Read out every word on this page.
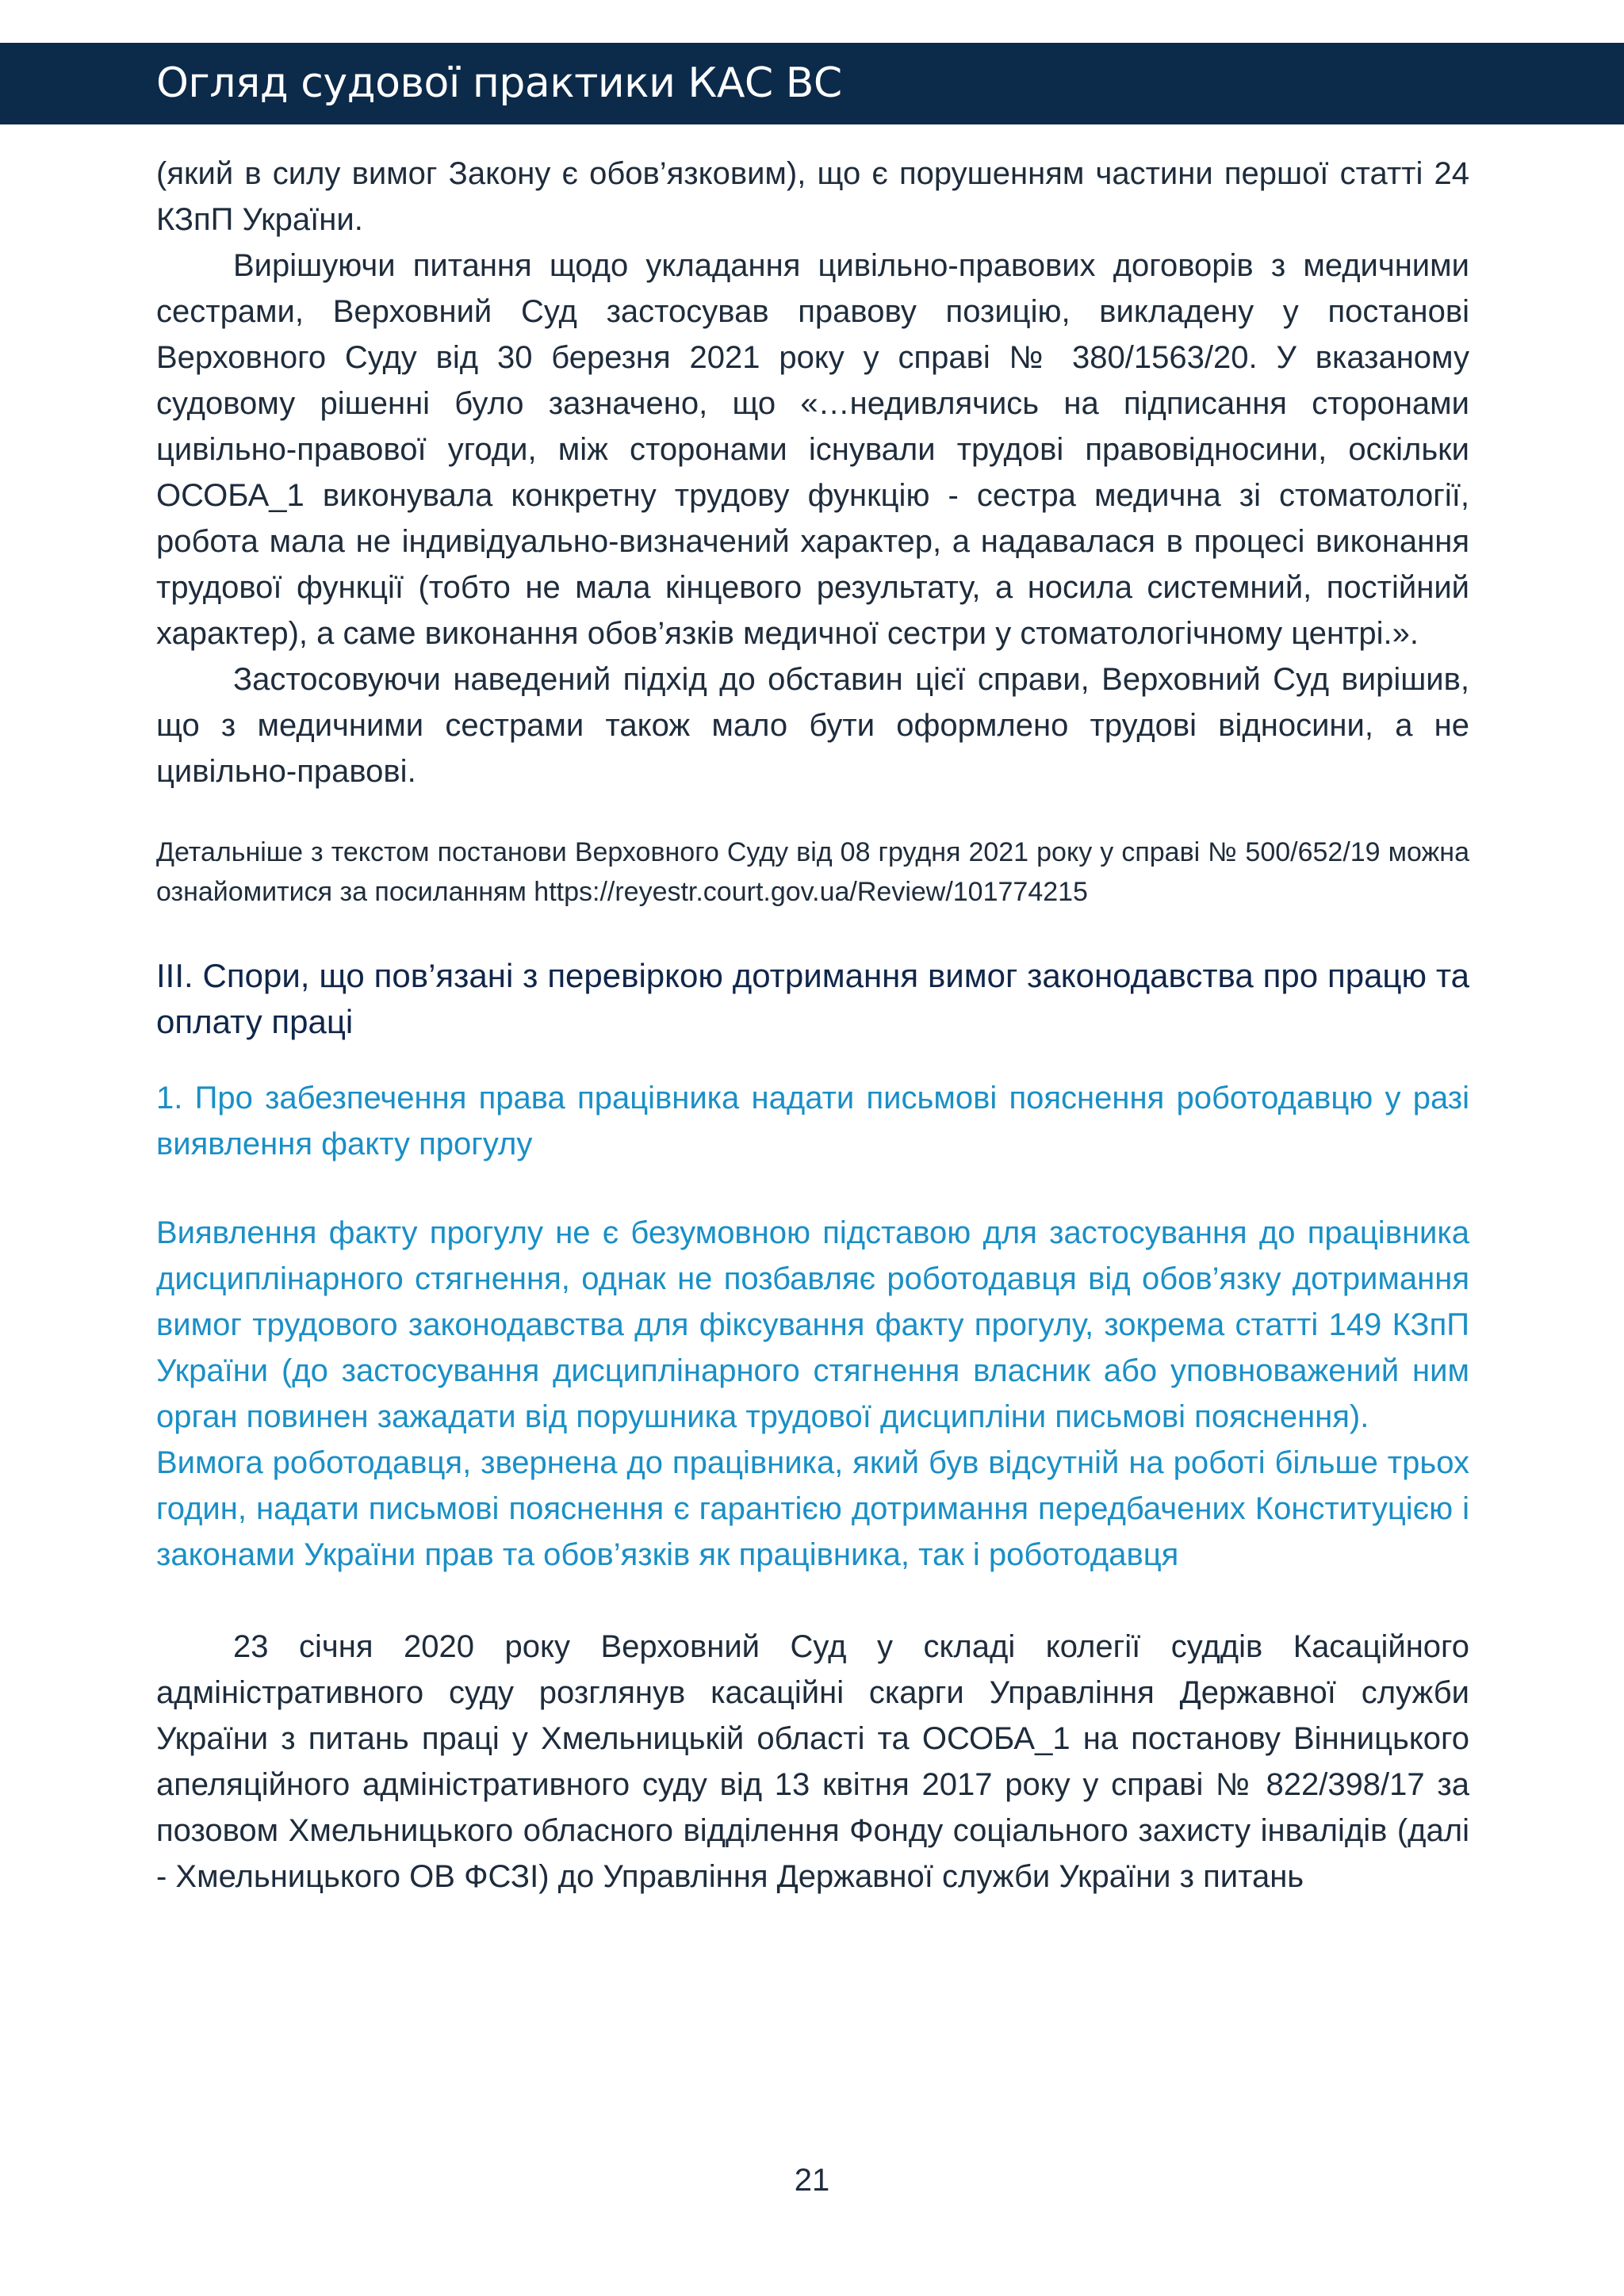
Огляд судової практики КАС ВС

(який в силу вимог Закону є обов’язковим), що є порушенням частини першої статті 24 КЗпП України.

Вирішуючи питання щодо укладання цивільно-правових договорів з медичними сестрами, Верховний Суд застосував правову позицію, викладену у постанові Верховного Суду від 30 березня 2021 року у справі № 380/1563/20. У вказаному судовому рішенні було зазначено, що «…недивлячись на підписання сторонами цивільно-правової угоди, між сторонами існували трудові правовідносини, оскільки ОСОБА_1 виконувала конкретну трудову функцію - сестра медична зі стоматології, робота мала не індивідуально-визначений характер, а надавалася в процесі виконання трудової функції (тобто не мала кінцевого результату, а носила системний, постійний характер), а саме виконання обов’язків медичної сестри у стоматологічному центрі.».

Застосовуючи наведений підхід до обставин цієї справи, Верховний Суд вирішив, що з медичними сестрами також мало бути оформлено трудові відносини, а не цивільно-правові.

Детальніше з текстом постанови Верховного Суду від 08 грудня 2021 року у справі № 500/652/19 можна ознайомитися за посиланням https://reyestr.court.gov.ua/Review/101774215

ІІІ. Спори, що пов’язані з перевіркою дотримання вимог законодавства про працю та оплату праці

1. Про забезпечення права працівника надати письмові пояснення роботодавцю у разі виявлення факту прогулу

Виявлення факту прогулу не є безумовною підставою для застосування до працівника дисциплінарного стягнення, однак не позбавляє роботодавця від обов’язку дотримання вимог трудового законодавства для фіксування факту прогулу, зокрема статті 149 КЗпП України (до застосування дисциплінарного стягнення власник або уповноважений ним орган повинен зажадати від порушника трудової дисципліни письмові пояснення).

Вимога роботодавця, звернена до працівника, який був відсутній на роботі більше трьох годин, надати письмові пояснення є гарантією дотримання передбачених Конституцією і законами України прав та обов’язків як працівника, так і роботодавця

23 січня 2020 року Верховний Суд у складі колегії суддів Касаційного адміністративного суду розглянув касаційні скарги Управління Державної служби України з питань праці у Хмельницькій області та ОСОБА_1 на постанову Вінницького апеляційного адміністративного суду від 13 квітня 2017 року у справі № 822/398/17 за позовом Хмельницького обласного відділення Фонду соціального захисту інвалідів (далі - Хмельницького ОВ ФСЗІ) до Управління Державної служби України з питань

21
